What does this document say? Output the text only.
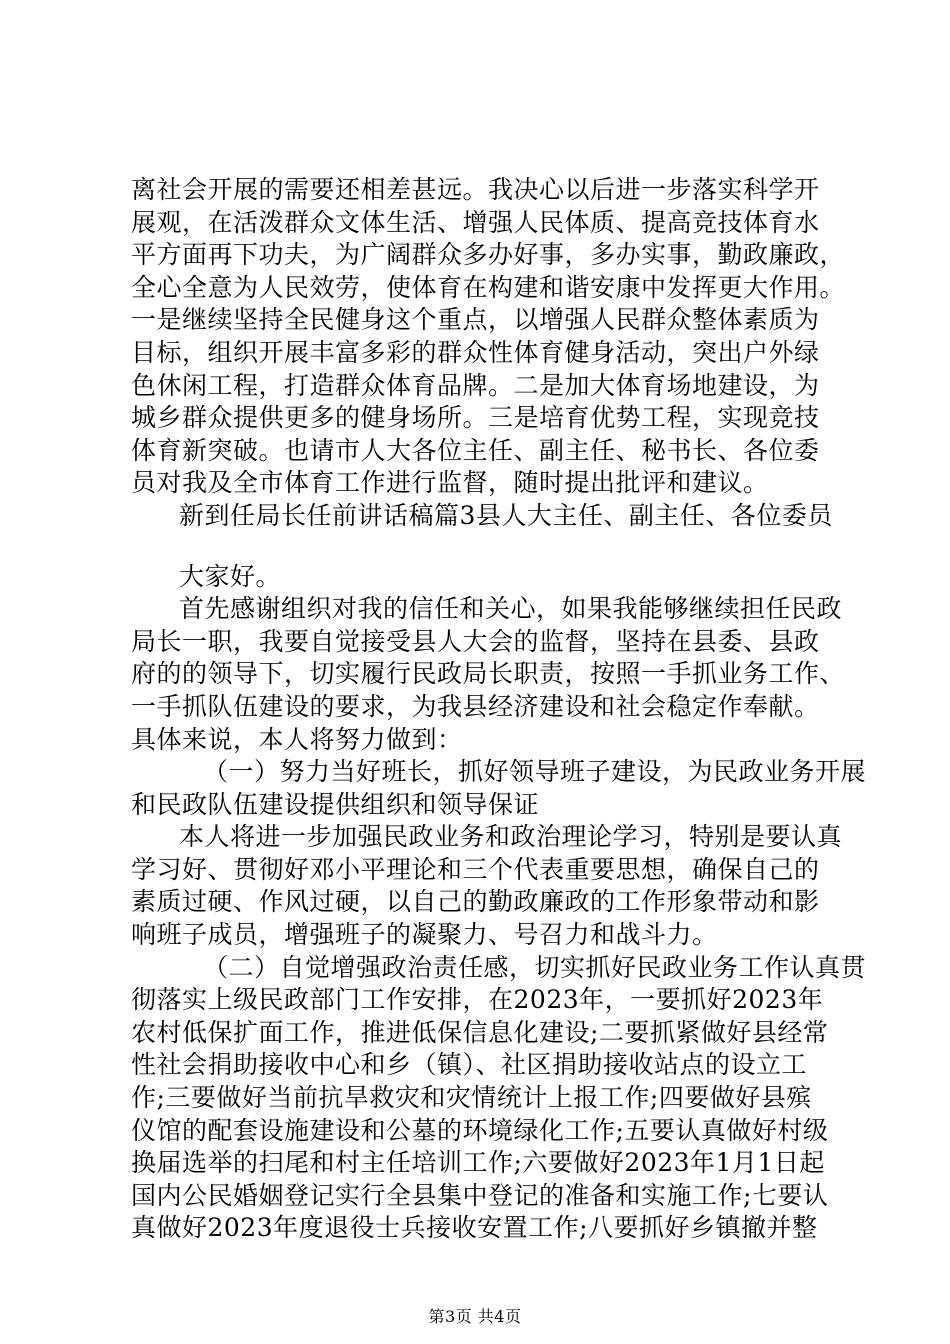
离社会开展的需要还相差甚远。我决心以后进一步落实科学开
展观，在活泼群众文体生活、增强人民体质、提高竞技体育水
平方面再下功夫，为广阔群众多办好事，多办实事，勤政廉政，
全心全意为人民效劳，使体育在构建和谐安康中发挥更大作用。
一是继续坚持全民健身这个重点，以增强人民群众整体素质为
目标，组织开展丰富多彩的群众性体育健身活动，突出户外绿
色休闲工程，打造群众体育品牌。二是加大体育场地建设，为
城乡群众提供更多的健身场所。三是培育优势工程，实现竞技
体育新突破。也请市人大各位主任、副主任、秘书长、各位委
员对我及全市体育工作进行监督，随时提出批评和建议。
新到任局长任前讲话稿篇3县人大主任、副主任、各位委员
大家好。
首先感谢组织对我的信任和关心，如果我能够继续担任民政
局长一职，我要自觉接受县人大会的监督，坚持在县委、县政
府的的领导下，切实履行民政局长职责，按照一手抓业务工作、
一手抓队伍建设的要求，为我县经济建设和社会稳定作奉献。
具体来说，本人将努力做到：
（一）努力当好班长，抓好领导班子建设，为民政业务开展
和民政队伍建设提供组织和领导保证
本人将进一步加强民政业务和政治理论学习，特别是要认真
学习好、贯彻好邓小平理论和三个代表重要思想，确保自己的
素质过硬、作风过硬，以自己的勤政廉政的工作形象带动和影
响班子成员，增强班子的凝聚力、号召力和战斗力。
（二）自觉增强政治责任感，切实抓好民政业务工作认真贯
彻落实上级民政部门工作安排，在2023年，一要抓好2023年
农村低保扩面工作，推进低保信息化建设;二要抓紧做好县经常
性社会捐助接收中心和乡（镇）、社区捐助接收站点的设立工
作;三要做好当前抗旱救灾和灾情统计上报工作;四要做好县殡
仪馆的配套设施建设和公墓的环境绿化工作;五要认真做好村级
换届选举的扫尾和村主任培训工作;六要做好2023年1月1日起
国内公民婚姻登记实行全县集中登记的准备和实施工作;七要认
真做好2023年度退役士兵接收安置工作;八要抓好乡镇撤并整
第3页 共4页
